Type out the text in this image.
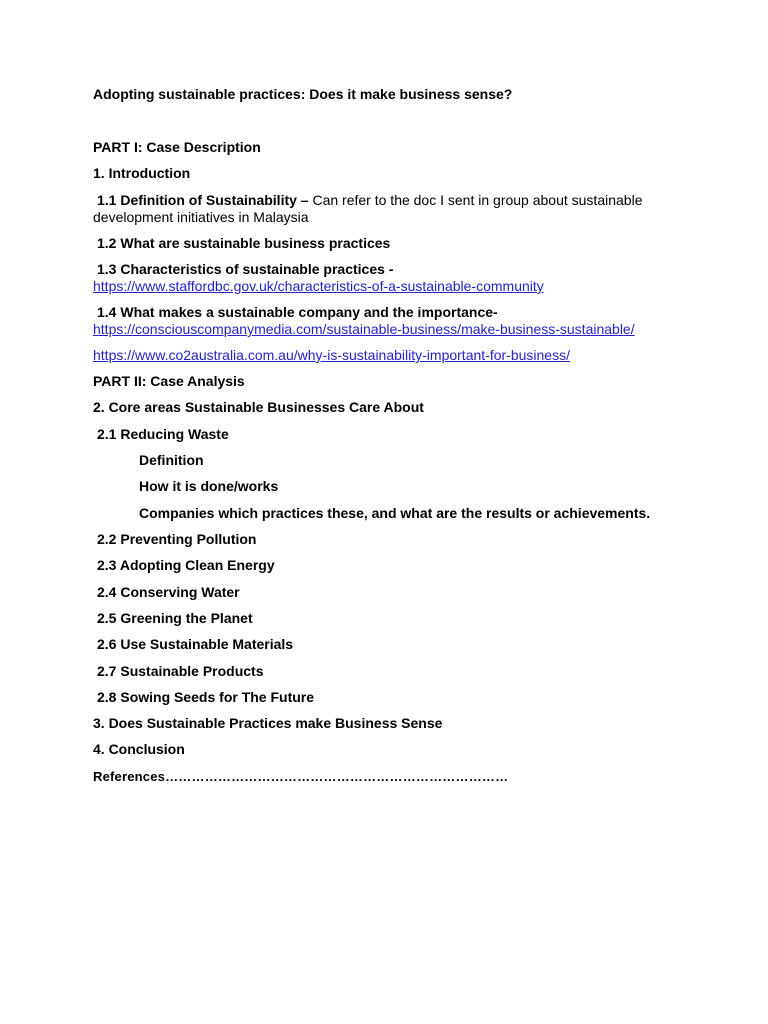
Adopting sustainable practices: Does it make business sense?
PART I: Case Description
1. Introduction
1.1 Definition of Sustainability – Can refer to the doc I sent in group about sustainable development initiatives in Malaysia
1.2 What are sustainable business practices
1.3 Characteristics of sustainable practices -
https://www.staffordbc.gov.uk/characteristics-of-a-sustainable-community
1.4 What makes a sustainable company and the importance-
https://consciouscompanymedia.com/sustainable-business/make-business-sustainable/
https://www.co2australia.com.au/why-is-sustainability-important-for-business/
PART II: Case Analysis
2. Core areas Sustainable Businesses Care About
2.1 Reducing Waste
Definition
How it is done/works
Companies which practices these, and what are the results or achievements.
2.2 Preventing Pollution
2.3 Adopting Clean Energy
2.4 Conserving Water
2.5 Greening the Planet
2.6 Use Sustainable Materials
2.7 Sustainable Products
2.8 Sowing Seeds for The Future
3. Does Sustainable Practices make Business Sense
4. Conclusion
References……………………………………………………………………
